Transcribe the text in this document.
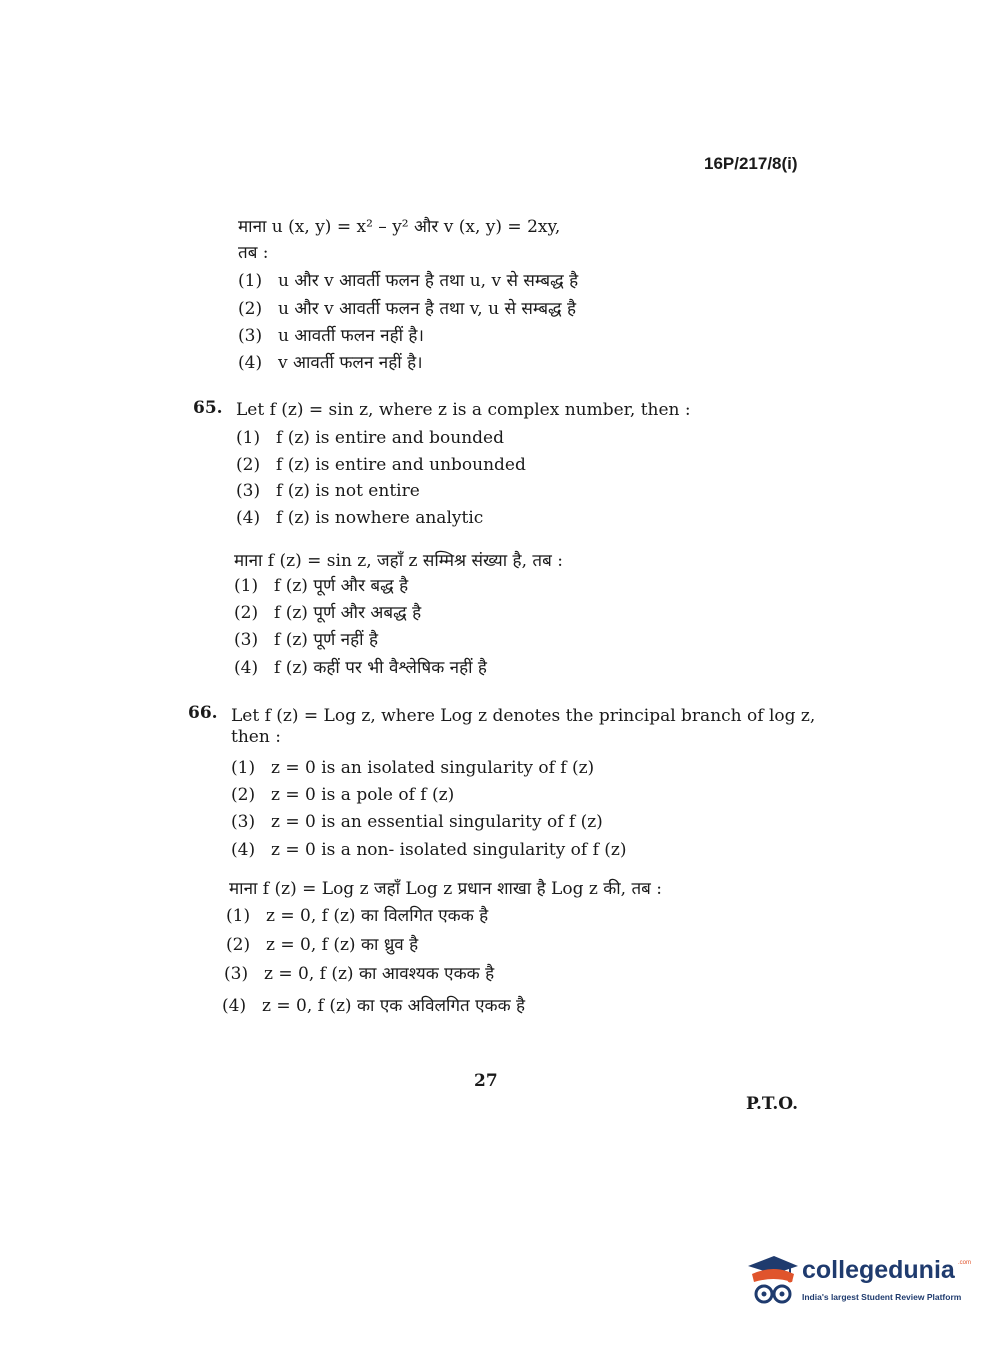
16P/217/8(i)
माना u (x, y) = x² – y² और v (x, y) = 2xy,
तब :
(1) u और v आवर्ती फलन है तथा u, v से सम्बद्ध है
(2) u और v आवर्ती फलन है तथा v, u से सम्बद्ध है
(3) u आवर्ती फलन नहीं है।
(4) v आवर्ती फलन नहीं है।
65. Let f (z) = sin z, where z is a complex number, then :
(1) f (z) is entire and bounded
(2) f (z) is entire and unbounded
(3) f (z) is not entire
(4) f (z) is nowhere analytic
माना f (z) = sin z, जहाँ z सम्मिश्र संख्या है, तब :
(1) f (z) पूर्ण और बद्ध है
(2) f (z) पूर्ण और अबद्ध है
(3) f (z) पूर्ण नहीं है
(4) f (z) कहीं पर भी वैश्लेषिक नहीं है
66. Let f (z) = Log z, where Log z denotes the principal branch of log z,
then :
(1) z = 0 is an isolated singularity of f (z)
(2) z = 0 is a pole of f (z)
(3) z = 0 is an essential singularity of f (z)
(4) z = 0 is a non- isolated singularity of f (z)
माना f (z) = Log z जहाँ Log z प्रधान शाखा है Log z की, तब :
(1) z = 0, f (z) का विलगित एकक है
(2) z = 0, f (z) का ध्रुव है
(3) z = 0, f (z) का आवश्यक एकक है
(4) z = 0, f (z) का एक अविलगित एकक है
27
P.T.O.
collegedunia .com
India's largest Student Review Platform
